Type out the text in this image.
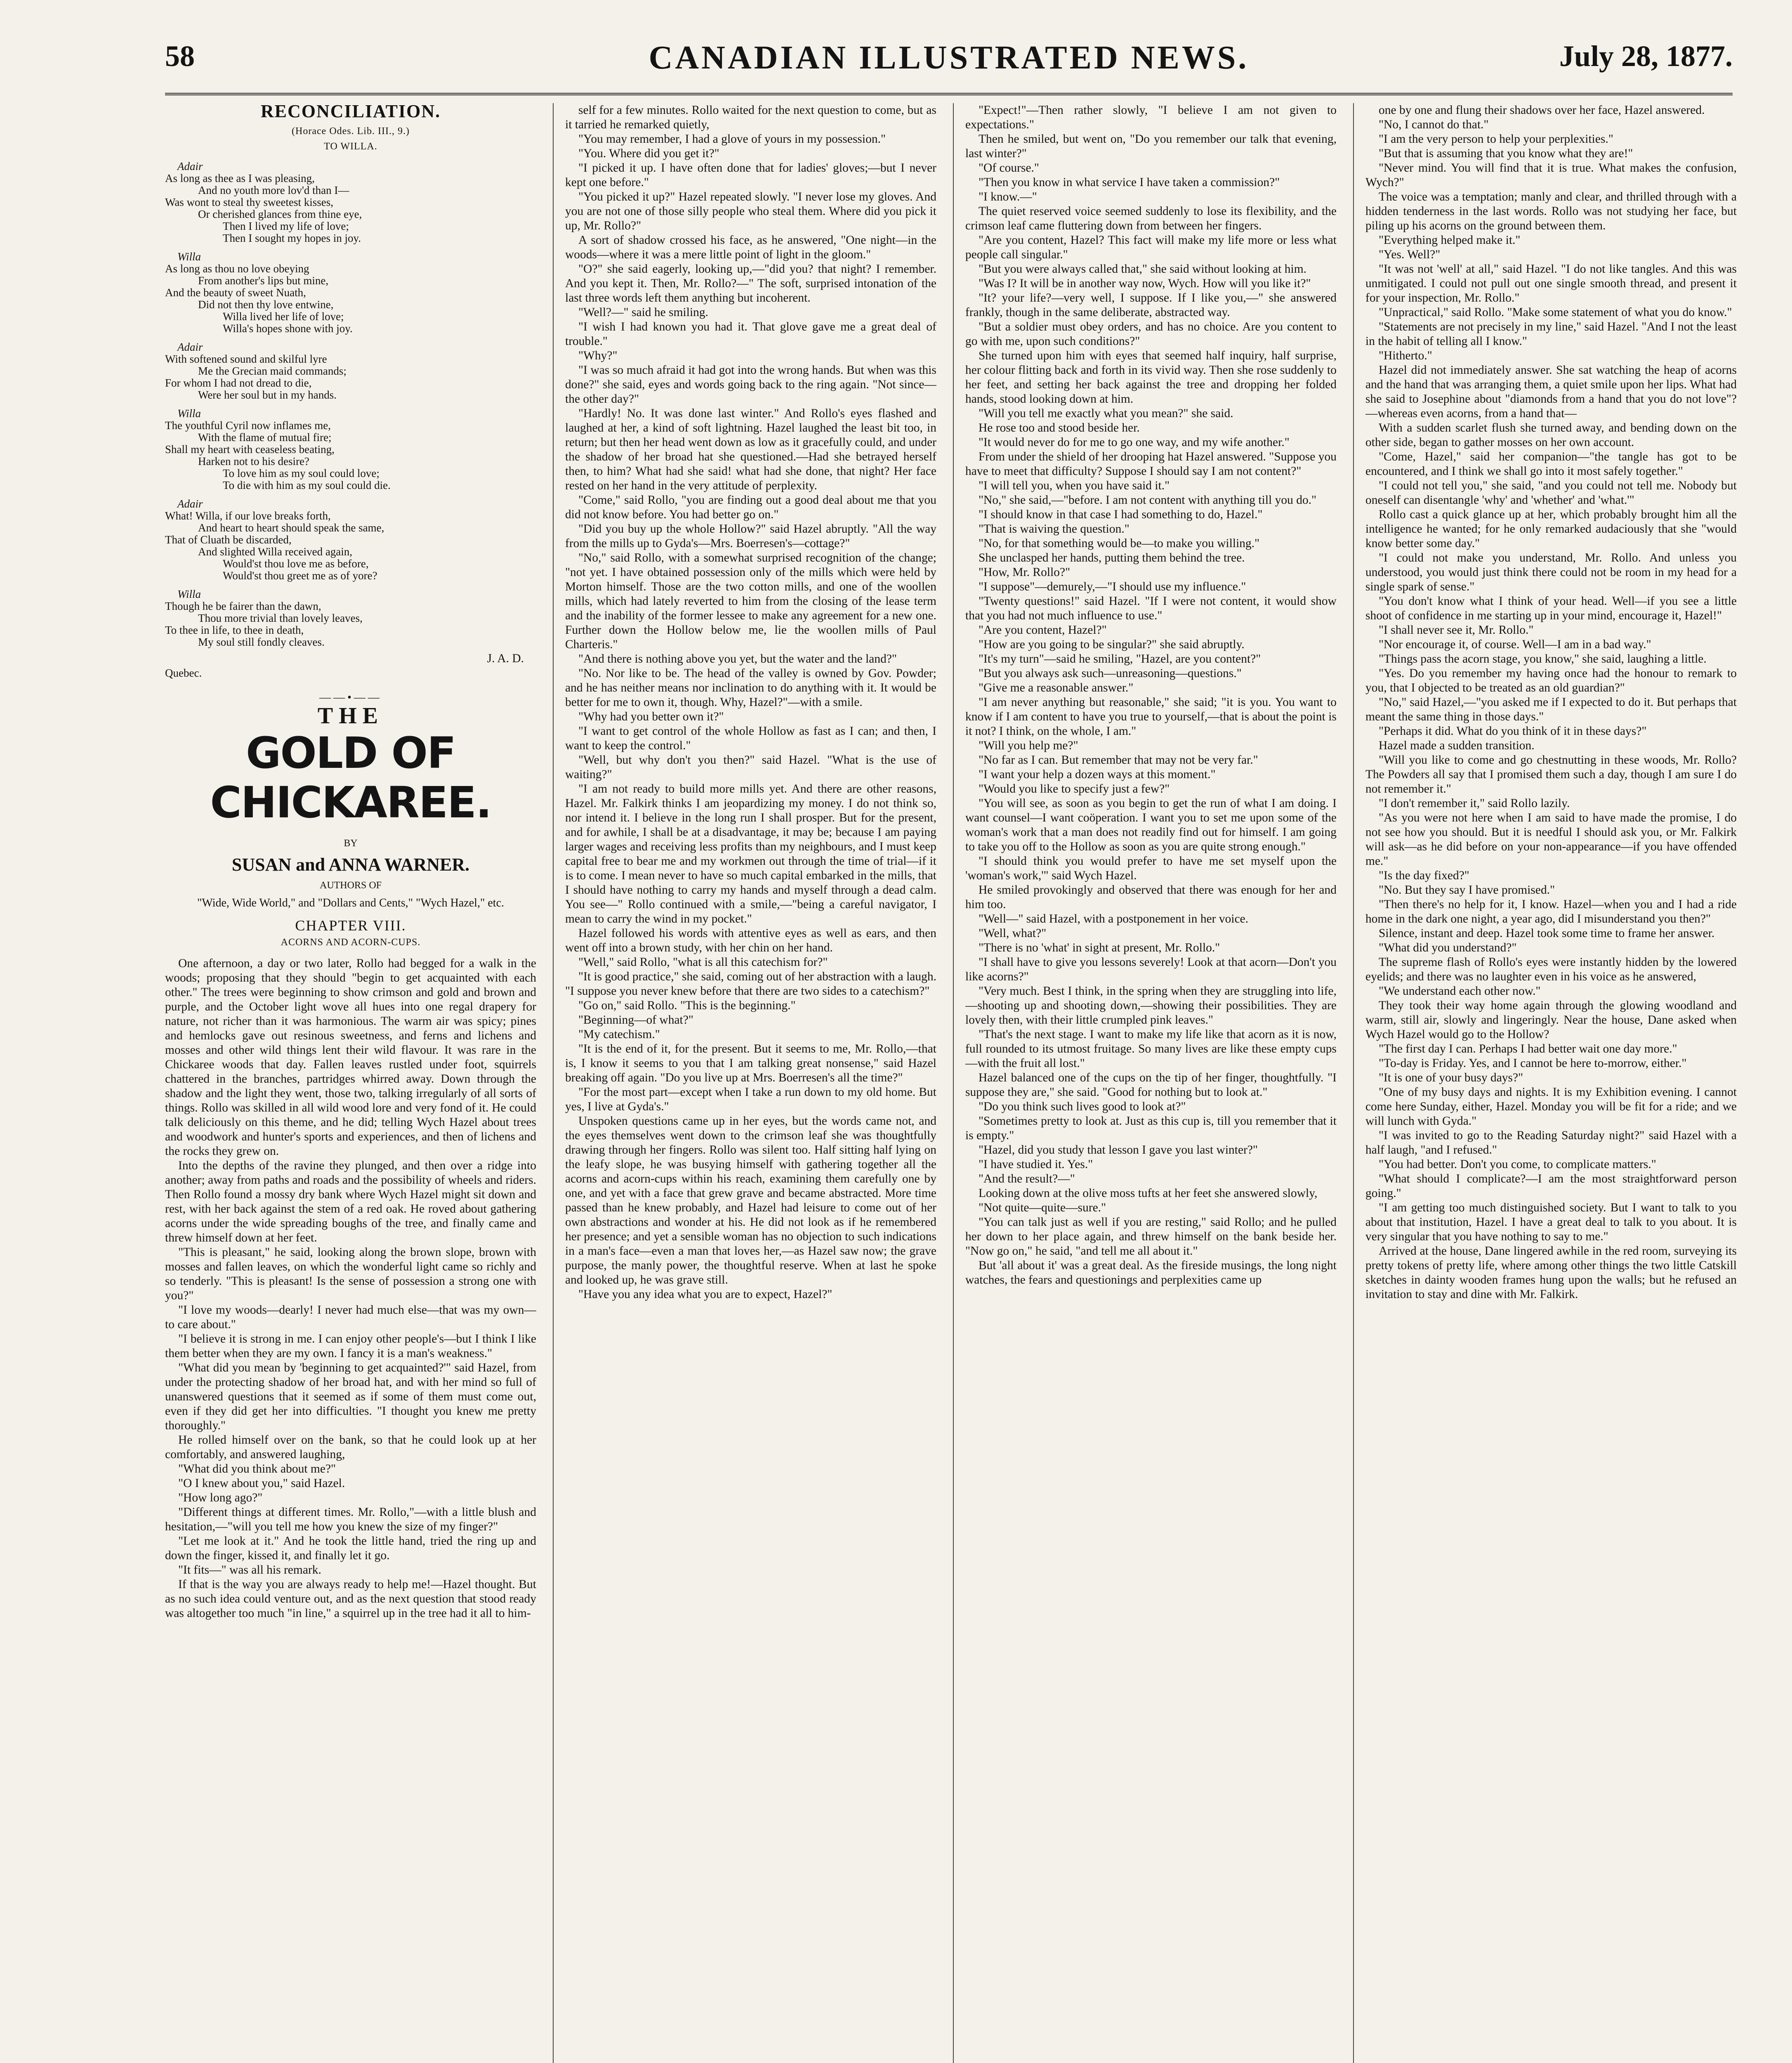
58	CANADIAN ILLUSTRATED NEWS.	July 28, 1877.
RECONCILIATION.
(Horace Odes. Lib. III., 9.)
TO WILLA.
Adair
As long as thee as I was pleasing,
And no youth more lov'd than I—
Was wont to steal thy sweetest kisses,
Or cherished glances from thine eye,
Then I lived my life of love;
Then I sought my hopes in joy.
Willa
As long as thou no love obeying
From another's lips but mine,
And the beauty of sweet Nuath,
Did not then thy love entwine,
Willa lived her life of love;
Willa's hopes shone with joy.
Adair
With softened sound and skilful lyre
Me the Grecian maid commands;
For whom I had not dread to die,
Were her soul but in my hands.
Willa
The youthful Cyril now inflames me,
With the flame of mutual fire;
Shall my heart with ceaseless beating,
Harken not to his desire?
To love him as my soul could love;
To die with him as my soul could die.
Adair
What! Willa, if our love breaks forth,
And heart to heart should speak the same,
That of Cluath be discarded,
And slighted Willa received again,
Would'st thou love me as before,
Would'st thou greet me as of yore?
Willa
Though he be fairer than the dawn,
Thou more trivial than lovely leaves,
To thee in life, to thee in death,
My soul still fondly cleaves.
J. A. D.
Quebec.
——•——
THE
GOLD OF CHICKAREE.
BY
SUSAN and ANNA WARNER.
AUTHORS OF
"Wide, Wide World," and "Dollars and Cents," "Wych Hazel," etc.
CHAPTER VIII.
ACORNS AND ACORN-CUPS.

One afternoon, a day or two later, Rollo had begged for a walk in the woods; proposing that they should "begin to get acquainted with each other." The trees were beginning to show crimson and gold and brown and purple, and the October light wove all hues into one regal drapery for nature, not richer than it was harmonious. The warm air was spicy; pines and hemlocks gave out resinous sweetness, and ferns and lichens and mosses and other wild things lent their wild flavour. It was rare in the Chickaree woods that day. Fallen leaves rustled under foot, squirrels chattered in the branches, partridges whirred away. Down through the shadow and the light they went, those two, talking irregularly of all sorts of things. Rollo was skilled in all wild wood lore and very fond of it. He could talk deliciously on this theme, and he did; telling Wych Hazel about trees and woodwork and hunter's sports and experiences, and then of lichens and the rocks they grew on.

Into the depths of the ravine they plunged, and then over a ridge into another; away from paths and roads and the possibility of wheels and riders. Then Rollo found a mossy dry bank where Wych Hazel might sit down and rest, with her back against the stem of a red oak. He roved about gathering acorns under the wide spreading boughs of the tree, and finally came and threw himself down at her feet.

"This is pleasant," he said, looking along the brown slope, brown with mosses and fallen leaves, on which the wonderful light came so richly and so tenderly. "This is pleasant! Is the sense of possession a strong one with you?"

"I love my woods—dearly! I never had much else—that was my own—to care about."

"I believe it is strong in me. I can enjoy other people's—but I think I like them better when they are my own. I fancy it is a man's weakness."

"What did you mean by 'beginning to get acquainted?'" said Hazel, from under the protecting shadow of her broad hat, and with her mind so full of unanswered questions that it seemed as if some of them must come out, even if they did get her into difficulties. "I thought you knew me pretty thoroughly."

He rolled himself over on the bank, so that he could look up at her comfortably, and answered laughing,

"What did you think about me?"

"O I knew about you," said Hazel.

"How long ago?"

"Different things at different times. Mr. Rollo,"—with a little blush and hesitation,—"will you tell me how you knew the size of my finger?"

"Let me look at it." And he took the little hand, tried the ring up and down the finger, kissed it, and finally let it go.

"It fits—" was all his remark.

If that is the way you are always ready to help me!—Hazel thought. But as no such idea could venture out, and as the next question that stood ready was altogether too much "in line," a squirrel up in the tree had it all to him-

self for a few minutes. Rollo waited for the next question to come, but as it tarried he remarked quietly,

"You may remember, I had a glove of yours in my possession."

"You. Where did you get it?"

"I picked it up. I have often done that for ladies' gloves;—but I never kept one before."

"You picked it up?" Hazel repeated slowly. "I never lose my gloves. And you are not one of those silly people who steal them. Where did you pick it up, Mr. Rollo?"

A sort of shadow crossed his face, as he answered, "One night—in the woods—where it was a mere little point of light in the gloom."

"O?" she said eagerly, looking up,—"did you? that night? I remember. And you kept it. Then, Mr. Rollo?—" The soft, surprised intonation of the last three words left them anything but incoherent.

"Well?—" said he smiling.

"I wish I had known you had it. That glove gave me a great deal of trouble."

"Why?"

"I was so much afraid it had got into the wrong hands. But when was this done?" she said, eyes and words going back to the ring again. "Not since—the other day?"

"Hardly! No. It was done last winter." And Rollo's eyes flashed and laughed at her, a kind of soft lightning. Hazel laughed the least bit too, in return; but then her head went down as low as it gracefully could, and under the shadow of her broad hat she questioned.—Had she betrayed herself then, to him? What had she said! what had she done, that night? Her face rested on her hand in the very attitude of perplexity.

"Come," said Rollo, "you are finding out a good deal about me that you did not know before. You had better go on."

"Did you buy up the whole Hollow?" said Hazel abruptly. "All the way from the mills up to Gyda's—Mrs. Boerresen's—cottage?"

"No," said Rollo, with a somewhat surprised recognition of the change; "not yet. I have obtained possession only of the mills which were held by Morton himself. Those are the two cotton mills, and one of the woollen mills, which had lately reverted to him from the closing of the lease term and the inability of the former lessee to make any agreement for a new one. Further down the Hollow below me, lie the woollen mills of Paul Charteris."

"And there is nothing above you yet, but the water and the land?"

"No. Nor like to be. The head of the valley is owned by Gov. Powder; and he has neither means nor inclination to do anything with it. It would be better for me to own it, though. Why, Hazel?"—with a smile.

"Why had you better own it?"

"I want to get control of the whole Hollow as fast as I can; and then, I want to keep the control."

"Well, but why don't you then?" said Hazel. "What is the use of waiting?"

"I am not ready to build more mills yet. And there are other reasons, Hazel. Mr. Falkirk thinks I am jeopardizing my money. I do not think so, nor intend it. I believe in the long run I shall prosper. But for the present, and for awhile, I shall be at a disadvantage, it may be; because I am paying larger wages and receiving less profits than my neighbours, and I must keep capital free to bear me and my workmen out through the time of trial—if it is to come. I mean never to have so much capital embarked in the mills, that I should have nothing to carry my hands and myself through a dead calm. You see—" Rollo continued with a smile,—"being a careful navigator, I mean to carry the wind in my pocket."

Hazel followed his words with attentive eyes as well as ears, and then went off into a brown study, with her chin on her hand.

"Well," said Rollo, "what is all this catechism for?"

"It is good practice," she said, coming out of her abstraction with a laugh. "I suppose you never knew before that there are two sides to a catechism?"

"Go on," said Rollo. "This is the beginning."

"Beginning—of what?"

"My catechism."

"It is the end of it, for the present. But it seems to me, Mr. Rollo,—that is, I know it seems to you that I am talking great nonsense," said Hazel breaking off again. "Do you live up at Mrs. Boerresen's all the time?"

"For the most part—except when I take a run down to my old home. But yes, I live at Gyda's."

Unspoken questions came up in her eyes, but the words came not, and the eyes themselves went down to the crimson leaf she was thoughtfully drawing through her fingers. Rollo was silent too. Half sitting half lying on the leafy slope, he was busying himself with gathering together all the acorns and acorn-cups within his reach, examining them carefully one by one, and yet with a face that grew grave and became abstracted. More time passed than he knew probably, and Hazel had leisure to come out of her own abstractions and wonder at his. He did not look as if he remembered her presence; and yet a sensible woman has no objection to such indications in a man's face—even a man that loves her,—as Hazel saw now; the grave purpose, the manly power, the thoughtful reserve. When at last he spoke and looked up, he was grave still.

"Have you any idea what you are to expect, Hazel?"

"Expect!"—Then rather slowly, "I believe I am not given to expectations."

Then he smiled, but went on, "Do you remember our talk that evening, last winter?"

"Of course."

"Then you know in what service I have taken a commission?"

"I know.—"

The quiet reserved voice seemed suddenly to lose its flexibility, and the crimson leaf came fluttering down from between her fingers.

"Are you content, Hazel? This fact will make my life more or less what people call singular."

"But you were always called that," she said without looking at him.

"Was I? It will be in another way now, Wych. How will you like it?"

"It? your life?—very well, I suppose. If I like you,—" she answered frankly, though in the same deliberate, abstracted way.

"But a soldier must obey orders, and has no choice. Are you content to go with me, upon such conditions?"

She turned upon him with eyes that seemed half inquiry, half surprise, her colour flitting back and forth in its vivid way. Then she rose suddenly to her feet, and setting her back against the tree and dropping her folded hands, stood looking down at him.

"Will you tell me exactly what you mean?" she said.

He rose too and stood beside her.

"It would never do for me to go one way, and my wife another."

From under the shield of her drooping hat Hazel answered. "Suppose you have to meet that difficulty? Suppose I should say I am not content?"

"I will tell you, when you have said it."

"No," she said,—"before. I am not content with anything till you do."

"I should know in that case I had something to do, Hazel."

"That is waiving the question."

"No, for that something would be—to make you willing."

She unclasped her hands, putting them behind the tree.

"How, Mr. Rollo?"

"I suppose"—demurely,—"I should use my influence."

"Twenty questions!" said Hazel. "If I were not content, it would show that you had not much influence to use."

"Are you content, Hazel?"

"How are you going to be singular?" she said abruptly.

"It's my turn"—said he smiling, "Hazel, are you content?"

"But you always ask such—unreasoning—questions."

"Give me a reasonable answer."

"I am never anything but reasonable," she said; "it is you. You want to know if I am content to have you true to yourself,—that is about the point is it not? I think, on the whole, I am."

"Will you help me?"

"No far as I can. But remember that may not be very far."

"I want your help a dozen ways at this moment."

"Would you like to specify just a few?"

"You will see, as soon as you begin to get the run of what I am doing. I want counsel—I want coöperation. I want you to set me upon some of the woman's work that a man does not readily find out for himself. I am going to take you off to the Hollow as soon as you are quite strong enough."

"I should think you would prefer to have me set myself upon the 'woman's work,'" said Wych Hazel.

He smiled provokingly and observed that there was enough for her and him too.

"Well—" said Hazel, with a postponement in her voice.

"Well, what?"

"There is no 'what' in sight at present, Mr. Rollo."

"I shall have to give you lessons severely! Look at that acorn—Don't you like acorns?"

"Very much. Best I think, in the spring when they are struggling into life,—shooting up and shooting down,—showing their possibilities. They are lovely then, with their little crumpled pink leaves."

"That's the next stage. I want to make my life like that acorn as it is now, full rounded to its utmost fruitage. So many lives are like these empty cups—with the fruit all lost."

Hazel balanced one of the cups on the tip of her finger, thoughtfully. "I suppose they are," she said. "Good for nothing but to look at."

"Do you think such lives good to look at?"

"Sometimes pretty to look at. Just as this cup is, till you remember that it is empty."

"Hazel, did you study that lesson I gave you last winter?"

"I have studied it. Yes."

"And the result?—"

Looking down at the olive moss tufts at her feet she answered slowly,

"Not quite—quite—sure."

"You can talk just as well if you are resting," said Rollo; and he pulled her down to her place again, and threw himself on the bank beside her. "Now go on," he said, "and tell me all about it."

But 'all about it' was a great deal. As the fireside musings, the long night watches, the fears and questionings and perplexities came up

one by one and flung their shadows over her face, Hazel answered.

"No, I cannot do that."

"I am the very person to help your perplexities."

"But that is assuming that you know what they are!"

"Never mind. You will find that it is true. What makes the confusion, Wych?"

The voice was a temptation; manly and clear, and thrilled through with a hidden tenderness in the last words. Rollo was not studying her face, but piling up his acorns on the ground between them.

"Everything helped make it."

"Yes. Well?"

"It was not 'well' at all," said Hazel. "I do not like tangles. And this was unmitigated. I could not pull out one single smooth thread, and present it for your inspection, Mr. Rollo."

"Unpractical," said Rollo. "Make some statement of what you do know."

"Statements are not precisely in my line," said Hazel. "And I not the least in the habit of telling all I know."

"Hitherto."

Hazel did not immediately answer. She sat watching the heap of acorns and the hand that was arranging them, a quiet smile upon her lips. What had she said to Josephine about "diamonds from a hand that you do not love"?—whereas even acorns, from a hand that—

With a sudden scarlet flush she turned away, and bending down on the other side, began to gather mosses on her own account.

"Come, Hazel," said her companion—"the tangle has got to be encountered, and I think we shall go into it most safely together."

"I could not tell you," she said, "and you could not tell me. Nobody but oneself can disentangle 'why' and 'whether' and 'what.'"

Rollo cast a quick glance up at her, which probably brought him all the intelligence he wanted; for he only remarked audaciously that she "would know better some day."

"I could not make you understand, Mr. Rollo. And unless you understood, you would just think there could not be room in my head for a single spark of sense."

"You don't know what I think of your head. Well—if you see a little shoot of confidence in me starting up in your mind, encourage it, Hazel!"

"I shall never see it, Mr. Rollo."

"Nor encourage it, of course. Well—I am in a bad way."

"Things pass the acorn stage, you know," she said, laughing a little.

"Yes. Do you remember my having once had the honour to remark to you, that I objected to be treated as an old guardian?"

"No," said Hazel,—"you asked me if I expected to do it. But perhaps that meant the same thing in those days."

"Perhaps it did. What do you think of it in these days?"

Hazel made a sudden transition.

"Will you like to come and go chestnutting in these woods, Mr. Rollo? The Powders all say that I promised them such a day, though I am sure I do not remember it."

"I don't remember it," said Rollo lazily.

"As you were not here when I am said to have made the promise, I do not see how you should. But it is needful I should ask you, or Mr. Falkirk will ask—as he did before on your non-appearance—if you have offended me."

"Is the day fixed?"

"No. But they say I have promised."

"Then there's no help for it, I know. Hazel—when you and I had a ride home in the dark one night, a year ago, did I misunderstand you then?"

Silence, instant and deep. Hazel took some time to frame her answer.

"What did you understand?"

The supreme flash of Rollo's eyes were instantly hidden by the lowered eyelids; and there was no laughter even in his voice as he answered,

"We understand each other now."

They took their way home again through the glowing woodland and warm, still air, slowly and lingeringly. Near the house, Dane asked when Wych Hazel would go to the Hollow?

"The first day I can. Perhaps I had better wait one day more."

"To-day is Friday. Yes, and I cannot be here to-morrow, either."

"It is one of your busy days?"

"One of my busy days and nights. It is my Exhibition evening. I cannot come here Sunday, either, Hazel. Monday you will be fit for a ride; and we will lunch with Gyda."

"I was invited to go to the Reading Saturday night?" said Hazel with a half laugh, "and I refused."

"You had better. Don't you come, to complicate matters."

"What should I complicate?—I am the most straightforward person going."

"I am getting too much distinguished society. But I want to talk to you about that institution, Hazel. I have a great deal to talk to you about. It is very singular that you have nothing to say to me."

Arrived at the house, Dane lingered awhile in the red room, surveying its pretty tokens of pretty life, where among other things the two little Catskill sketches in dainty wooden frames hung upon the walls; but he refused an invitation to stay and dine with Mr. Falkirk.
